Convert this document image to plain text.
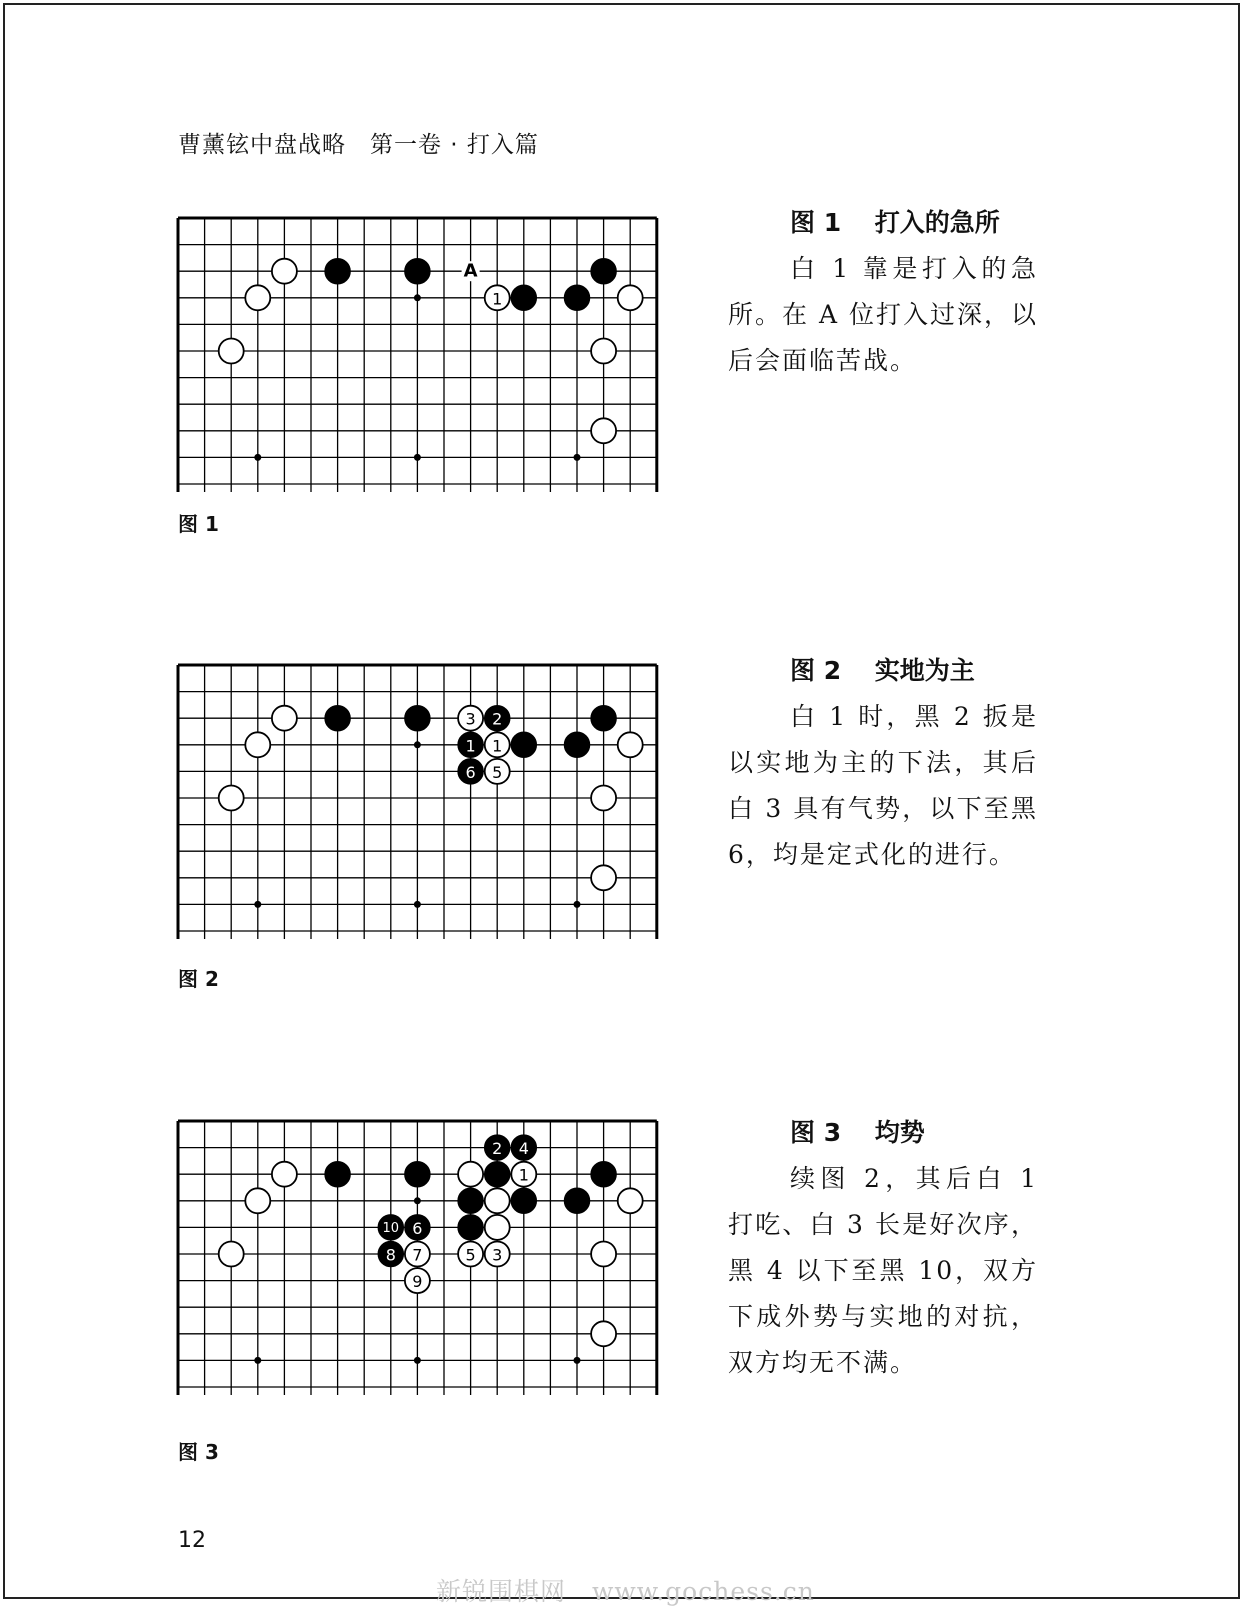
曹薰铉中盘战略　第一卷 · 打入篇
A
1
图 1
图 1　 打入的急所
白 1 靠是打入的急所。在 A 位打入过深，以后会面临苦战。
3 2
1 1
6 5
图 2
图 2　 实地为主
白 1 时，黑 2 扳是以实地为主的下法，其后白 3 具有气势，以下至黑 6，均是定式化的进行。
2 4
1
5 3
10 6
8 7
9
图 3
图 3　 均势
续图 2，其后白 1 打吃、白 3 长是好次序，黑 4 以下至黑 10，双方下成外势与实地的对抗，双方均无不满。
12
新锐围棋网　www.gochess.cn
